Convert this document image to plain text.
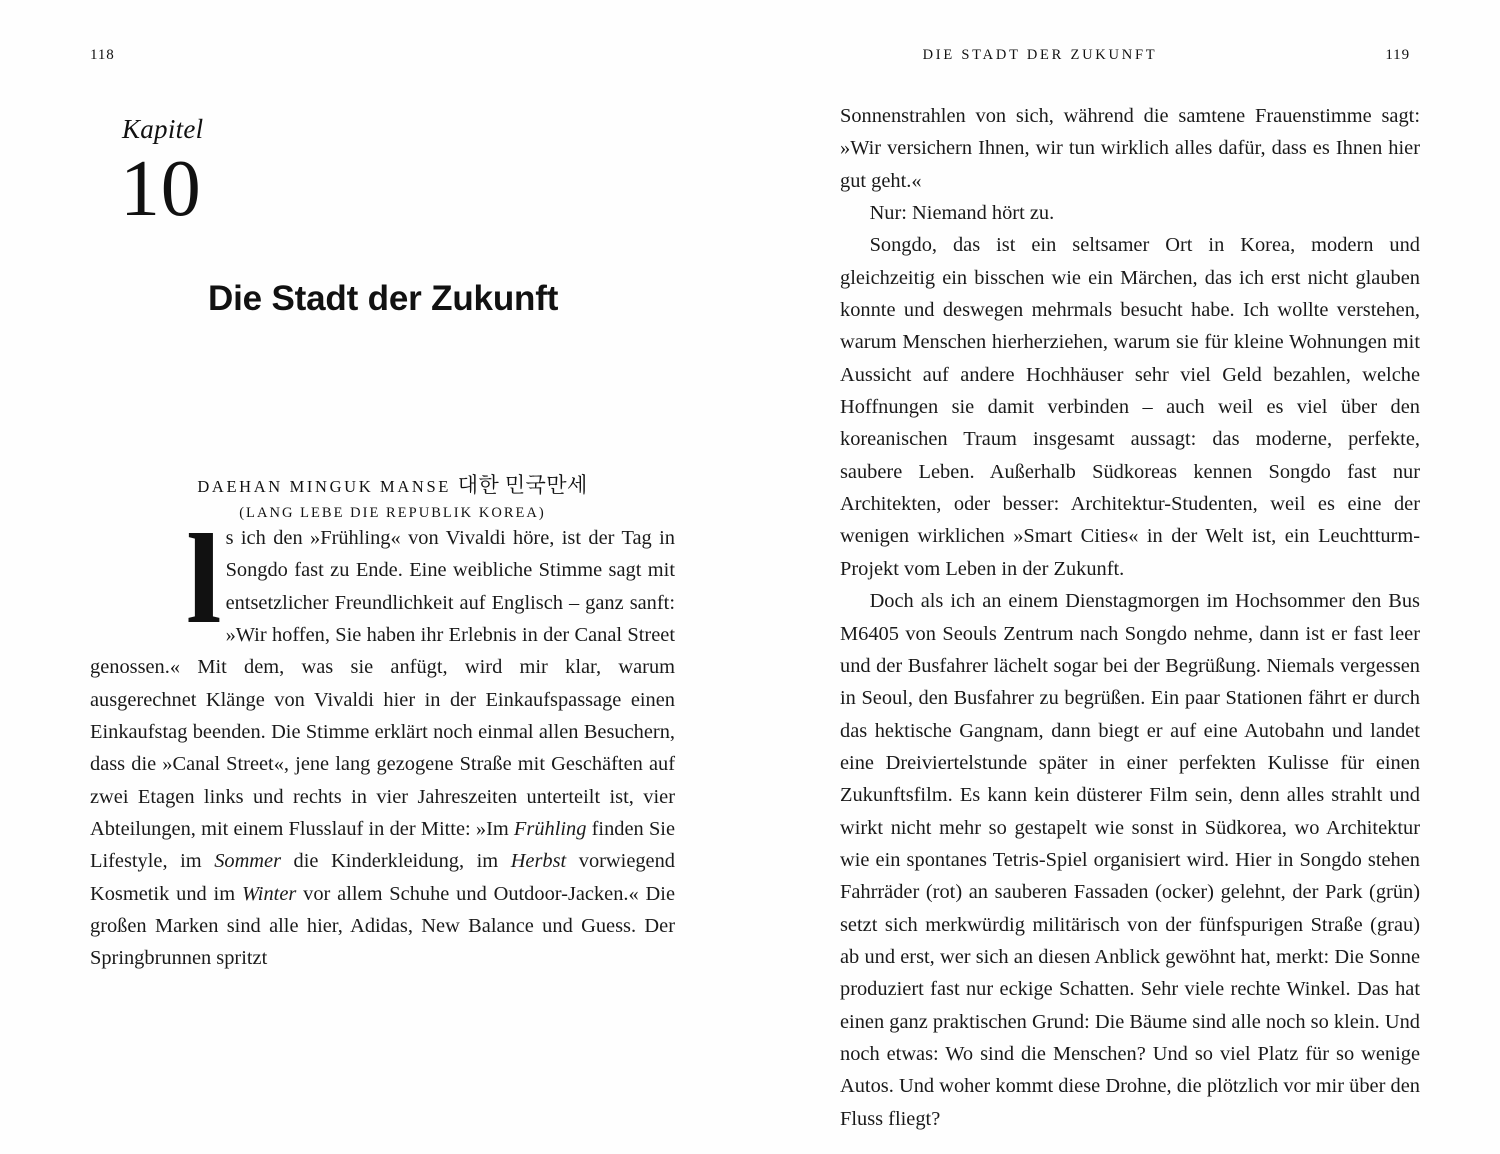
118	DIE STADT DER ZUKUNFT	119
Kapitel
10
Die Stadt der Zukunft
DAEHAN MINGUK MANSE 대한 민국만세
(LANG LEBE DIE REPUBLIK KOREA)

ls ich den »Frühling« von Vivaldi höre, ist der Tag in Songdo fast zu Ende. Eine weibliche Stimme sagt mit entsetzlicher Freundlichkeit auf Englisch – ganz sanft: »Wir hoffen, Sie haben ihr Erlebnis in der Canal Street genossen.« Mit dem, was sie anfügt, wird mir klar, warum ausgerechnet Klänge von Vivaldi hier in der Einkaufspassage einen Einkaufstag beenden. Die Stimme erklärt noch einmal allen Besuchern, dass die »Canal Street«, jene lang gezogene Straße mit Geschäften auf zwei Etagen links und rechts in vier Jahreszeiten unterteilt ist, vier Abteilungen, mit einem Flusslauf in der Mitte: »Im Frühling finden Sie Lifestyle, im Sommer die Kinderkleidung, im Herbst vorwiegend Kosmetik und im Winter vor allem Schuhe und Outdoor-Jacken.« Die großen Marken sind alle hier, Adidas, New Balance und Guess. Der Springbrunnen spritzt

Sonnenstrahlen von sich, während die samtene Frauenstimme sagt: »Wir versichern Ihnen, wir tun wirklich alles dafür, dass es Ihnen hier gut geht.«

Nur: Niemand hört zu.

Songdo, das ist ein seltsamer Ort in Korea, modern und gleichzeitig ein bisschen wie ein Märchen, das ich erst nicht glauben konnte und deswegen mehrmals besucht habe. Ich wollte verstehen, warum Menschen hierherziehen, warum sie für kleine Wohnungen mit Aussicht auf andere Hochhäuser sehr viel Geld bezahlen, welche Hoffnungen sie damit verbinden – auch weil es viel über den koreanischen Traum insgesamt aussagt: das moderne, perfekte, saubere Leben. Außerhalb Südkoreas kennen Songdo fast nur Architekten, oder besser: Architektur-Studenten, weil es eine der wenigen wirklichen »Smart Cities« in der Welt ist, ein Leuchtturm-Projekt vom Leben in der Zukunft.

Doch als ich an einem Dienstagmorgen im Hochsommer den Bus M6405 von Seouls Zentrum nach Songdo nehme, dann ist er fast leer und der Busfahrer lächelt sogar bei der Begrüßung. Niemals vergessen in Seoul, den Busfahrer zu begrüßen. Ein paar Stationen fährt er durch das hektische Gangnam, dann biegt er auf eine Autobahn und landet eine Dreiviertelstunde später in einer perfekten Kulisse für einen Zukunftsfilm. Es kann kein düsterer Film sein, denn alles strahlt und wirkt nicht mehr so gestapelt wie sonst in Südkorea, wo Architektur wie ein spontanes Tetris-Spiel organisiert wird. Hier in Songdo stehen Fahrräder (rot) an sauberen Fassaden (ocker) gelehnt, der Park (grün) setzt sich merkwürdig militärisch von der fünfspurigen Straße (grau) ab und erst, wer sich an diesen Anblick gewöhnt hat, merkt: Die Sonne produziert fast nur eckige Schatten. Sehr viele rechte Winkel. Das hat einen ganz praktischen Grund: Die Bäume sind alle noch so klein. Und noch etwas: Wo sind die Menschen? Und so viel Platz für so wenige Autos. Und woher kommt diese Drohne, die plötzlich vor mir über den Fluss fliegt?
